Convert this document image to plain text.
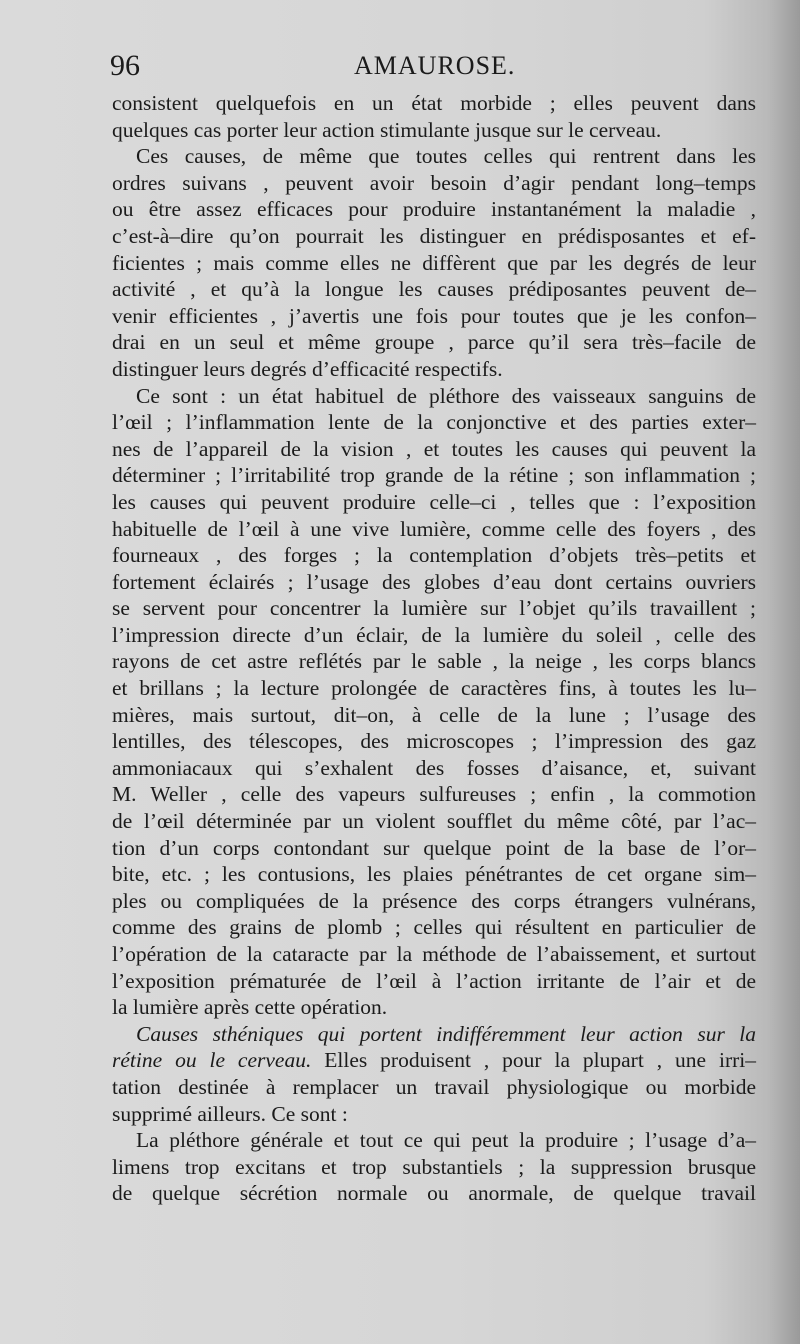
96	AMAUROSE.
consistent quelquefois en un état morbide ; elles peuvent dans
quelques cas porter leur action stimulante jusque sur le cerveau.
Ces causes, de même que toutes celles qui rentrent dans les
ordres suivans , peuvent avoir besoin d’agir pendant long–temps
ou être assez efficaces pour produire instantanément la maladie ,
c’est-à–dire qu’on pourrait les distinguer en prédisposantes et ef-
ficientes ; mais comme elles ne diffèrent que par les degrés de leur
activité , et qu’à la longue les causes prédiposantes peuvent de–
venir efficientes , j’avertis une fois pour toutes que je les confon–
drai en un seul et même groupe , parce qu’il sera très–facile de
distinguer leurs degrés d’efficacité respectifs.
Ce sont : un état habituel de pléthore des vaisseaux sanguins de
l’œil ; l’inflammation lente de la conjonctive et des parties exter–
nes de l’appareil de la vision , et toutes les causes qui peuvent la
déterminer ; l’irritabilité trop grande de la rétine ; son inflammation ;
les causes qui peuvent produire celle–ci , telles que : l’exposition
habituelle de l’œil à une vive lumière, comme celle des foyers , des
fourneaux , des forges ; la contemplation d’objets très–petits et
fortement éclairés ; l’usage des globes d’eau dont certains ouvriers
se servent pour concentrer la lumière sur l’objet qu’ils travaillent ;
l’impression directe d’un éclair, de la lumière du soleil , celle des
rayons de cet astre reflétés par le sable , la neige , les corps blancs
et brillans ; la lecture prolongée de caractères fins, à toutes les lu–
mières, mais surtout, dit–on, à celle de la lune ; l’usage des
lentilles, des télescopes, des microscopes ; l’impression des gaz
ammoniacaux qui s’exhalent des fosses d’aisance, et, suivant
M. Weller , celle des vapeurs sulfureuses ; enfin , la commotion
de l’œil déterminée par un violent soufflet du même côté, par l’ac–
tion d’un corps contondant sur quelque point de la base de l’or–
bite, etc. ; les contusions, les plaies pénétrantes de cet organe sim–
ples ou compliquées de la présence des corps étrangers vulnérans,
comme des grains de plomb ; celles qui résultent en particulier de
l’opération de la cataracte par la méthode de l’abaissement, et surtout
l’exposition prématurée de l’œil à l’action irritante de l’air et de
la lumière après cette opération.
Causes sthéniques qui portent indifféremment leur action sur la
rétine ou le cerveau. Elles produisent , pour la plupart , une irri–
tation destinée à remplacer un travail physiologique ou morbide
supprimé ailleurs. Ce sont :
La pléthore générale et tout ce qui peut la produire ; l’usage d’a–
limens trop excitans et trop substantiels ; la suppression brusque
de quelque sécrétion normale ou anormale, de quelque travail
